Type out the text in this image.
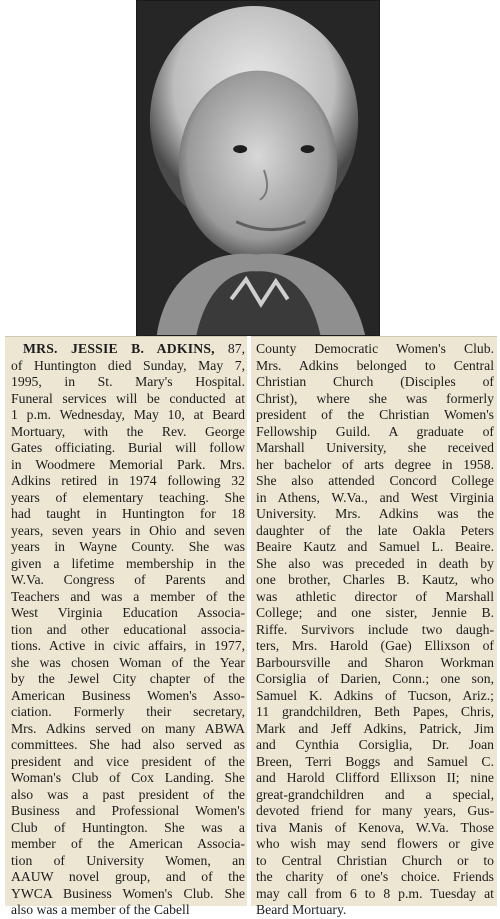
MRS. JESSIE B. ADKINS, 87,
of Huntington died Sunday, May 7,
1995, in St. Mary's Hospital.
Funeral services will be conducted at
1 p.m. Wednesday, May 10, at Beard
Mortuary, with the Rev. George
Gates officiating. Burial will follow
in Woodmere Memorial Park. Mrs.
Adkins retired in 1974 following 32
years of elementary teaching. She
had taught in Huntington for 18
years, seven years in Ohio and seven
years in Wayne County. She was
given a lifetime membership in the
W.Va. Congress of Parents and
Teachers and was a member of the
West Virginia Education Associa-
tion and other educational associa-
tions. Active in civic affairs, in 1977,
she was chosen Woman of the Year
by the Jewel City chapter of the
American Business Women's Asso-
ciation. Formerly their secretary,
Mrs. Adkins served on many ABWA
committees. She had also served as
president and vice president of the
Woman's Club of Cox Landing. She
also was a past president of the
Business and Professional Women's
Club of Huntington. She was a
member of the American Associa-
tion of University Women, an
AAUW novel group, and of the
YWCA Business Women's Club. She
also was a member of the Cabell
County Democratic Women's Club.
Mrs. Adkins belonged to Central
Christian Church (Disciples of
Christ), where she was formerly
president of the Christian Women's
Fellowship Guild. A graduate of
Marshall University, she received
her bachelor of arts degree in 1958.
She also attended Concord College
in Athens, W.Va., and West Virginia
University. Mrs. Adkins was the
daughter of the late Oakla Peters
Beaire Kautz and Samuel L. Beaire.
She also was preceded in death by
one brother, Charles B. Kautz, who
was athletic director of Marshall
College; and one sister, Jennie B.
Riffe. Survivors include two daugh-
ters, Mrs. Harold (Gae) Ellixson of
Barboursville and Sharon Workman
Corsiglia of Darien, Conn.; one son,
Samuel K. Adkins of Tucson, Ariz.;
11 grandchildren, Beth Papes, Chris,
Mark and Jeff Adkins, Patrick, Jim
and Cynthia Corsiglia, Dr. Joan
Breen, Terri Boggs and Samuel C.
and Harold Clifford Ellixson II; nine
great-grandchildren and a special,
devoted friend for many years, Gus-
tiva Manis of Kenova, W.Va. Those
who wish may send flowers or give
to Central Christian Church or to
the charity of one's choice. Friends
may call from 6 to 8 p.m. Tuesday at
Beard Mortuary.
